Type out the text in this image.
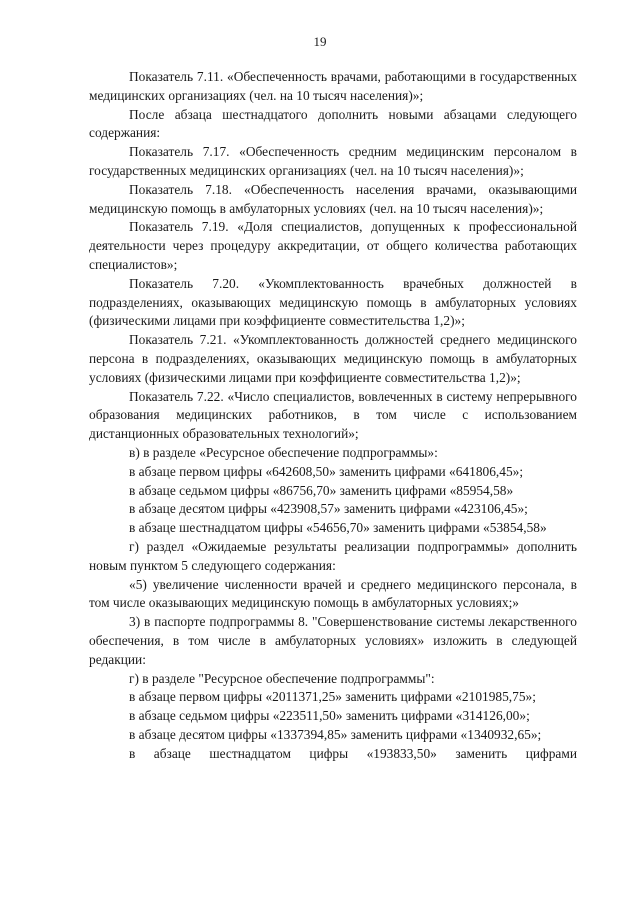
19

Показатель 7.11. «Обеспеченность врачами, работающими в государственных медицинских организациях (чел. на 10 тысяч населения)»;

После абзаца шестнадцатого дополнить новыми абзацами следующего содержания:

Показатель 7.17. «Обеспеченность средним медицинским персоналом в государственных медицинских организациях (чел. на 10 тысяч населения)»;

Показатель 7.18. «Обеспеченность населения врачами, оказывающими медицинскую помощь в амбулаторных условиях (чел. на 10 тысяч населения)»;

Показатель 7.19. «Доля специалистов, допущенных к профессиональной деятельности через процедуру аккредитации, от общего количества работающих специалистов»;

Показатель 7.20. «Укомплектованность врачебных должностей в подразделениях, оказывающих медицинскую помощь в амбулаторных условиях (физическими лицами при коэффициенте совместительства 1,2)»;

Показатель 7.21. «Укомплектованность должностей среднего медицинского персона в подразделениях, оказывающих медицинскую помощь в амбулаторных условиях (физическими лицами при коэффициенте совместительства 1,2)»;

Показатель 7.22. «Число специалистов, вовлеченных в систему непрерывного образования медицинских работников, в том числе с использованием дистанционных образовательных технологий»;

в) в разделе «Ресурсное обеспечение подпрограммы»:

в абзаце первом цифры «642608,50» заменить цифрами «641806,45»;

в абзаце седьмом цифры «86756,70» заменить цифрами «85954,58»

в абзаце десятом цифры «423908,57» заменить цифрами «423106,45»;

в абзаце шестнадцатом цифры «54656,70» заменить цифрами «53854,58»

г) раздел «Ожидаемые результаты реализации подпрограммы» дополнить новым пунктом 5 следующего содержания:

«5) увеличение численности врачей и среднего медицинского персонала, в том числе оказывающих медицинскую помощь в амбулаторных условиях;»

3) в паспорте подпрограммы 8. "Совершенствование системы лекарственного обеспечения, в том числе в амбулаторных условиях» изложить в следующей редакции:

г) в разделе "Ресурсное обеспечение подпрограммы":

в абзаце первом цифры «2011371,25» заменить цифрами «2101985,75»;

в абзаце седьмом цифры «223511,50» заменить цифрами «314126,00»;

в абзаце десятом цифры «1337394,85» заменить цифрами «1340932,65»;

в абзаце шестнадцатом цифры «193833,50» заменить цифрами
